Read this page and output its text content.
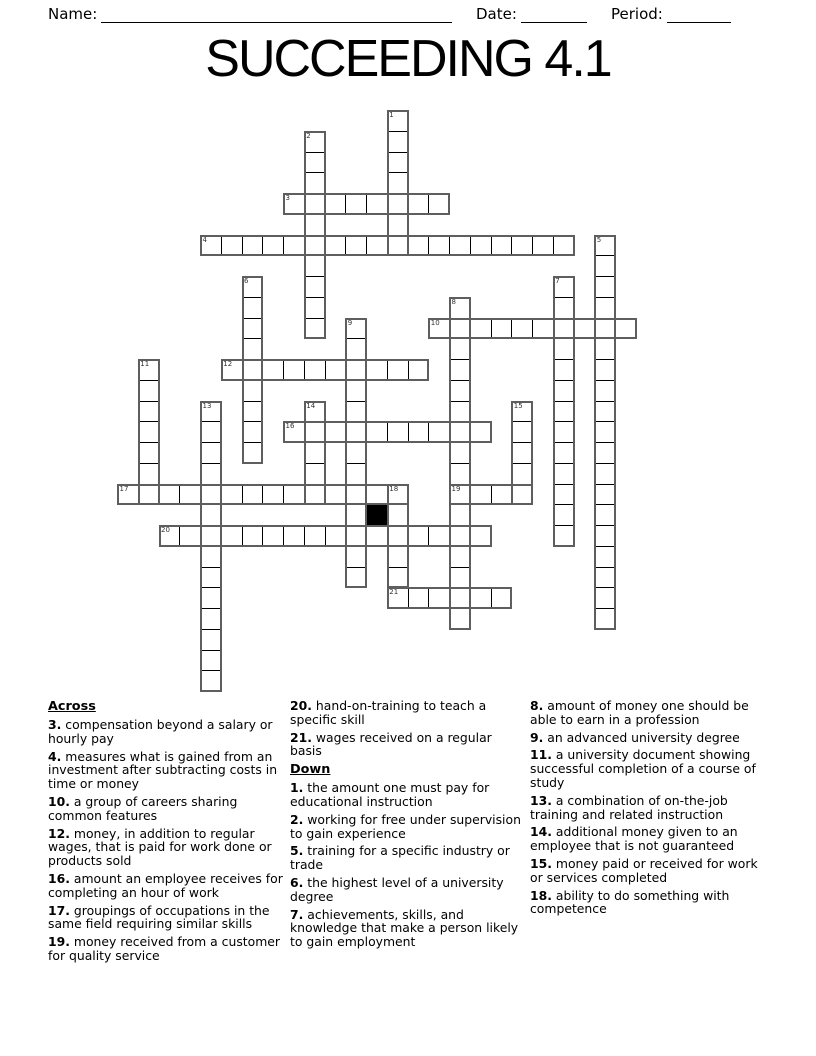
Name:	Date:	Period:
SUCCEEDING 4.1
1
2
3
4	5
6	7
8
19
9	10
11	12
13	14	15
16
17	18
20
21
Across
3. compensation beyond a salary or hourly pay
4. measures what is gained from an investment after subtracting costs in time or money
10. a group of careers sharing common features
12. money, in addition to regular wages, that is paid for work done or products sold
16. amount an employee receives for completing an hour of work
17. groupings of occupations in the same field requiring similar skills
19. money received from a customer for quality service
20. hand-on-training to teach a specific skill
21. wages received on a regular basis
Down
1. the amount one must pay for educational instruction
2. working for free under supervision to gain experience
5. training for a specific industry or trade
6. the highest level of a university degree
7. achievements, skills, and knowledge that make a person likely to gain employment
8. amount of money one should be able to earn in a profession
9. an advanced university degree
11. a university document showing successful completion of a course of study
13. a combination of on-the-job training and related instruction
14. additional money given to an employee that is not guaranteed
15. money paid or received for work or services completed
18. ability to do something with competence
